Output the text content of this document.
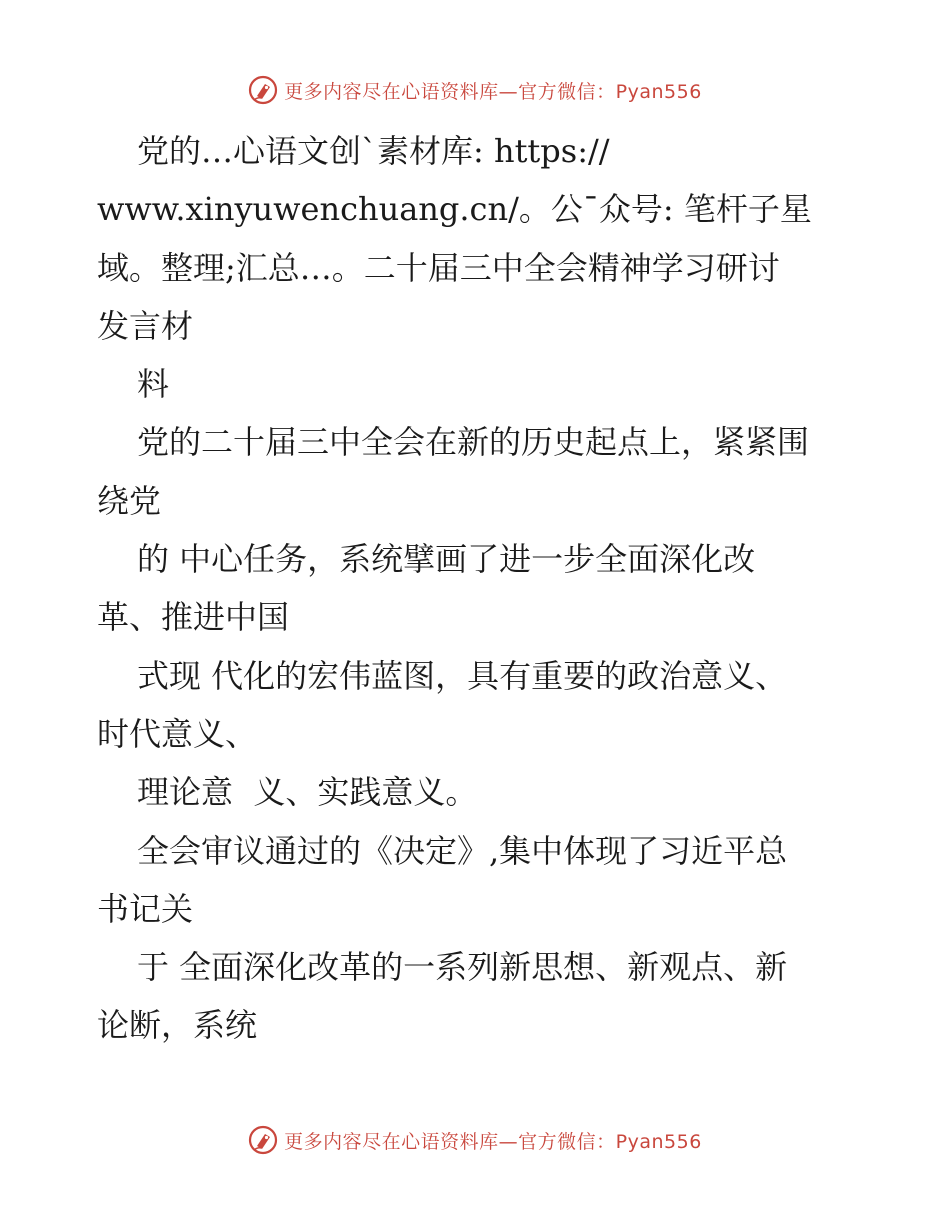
更多内容尽在心语资料库—官方微信：Pyan556
党的…心语文创`素材库: https://
www.xinyuwenchuang.cn/。公¯众号: 笔杆子星
域。整理;汇总…。二十届三中全会精神学习研讨
发言材
料
党的二十届三中全会在新的历史起点上，紧紧围
绕党
的 中心任务，系统擘画了进一步全面深化改
革、推进中国
式现 代化的宏伟蓝图，具有重要的政治意义、
时代意义、
理论意  义、实践意义。
全会审议通过的《决定》,集中体现了习近平总
书记关
于 全面深化改革的一系列新思想、新观点、新
论断，系统
更多内容尽在心语资料库—官方微信：Pyan556
